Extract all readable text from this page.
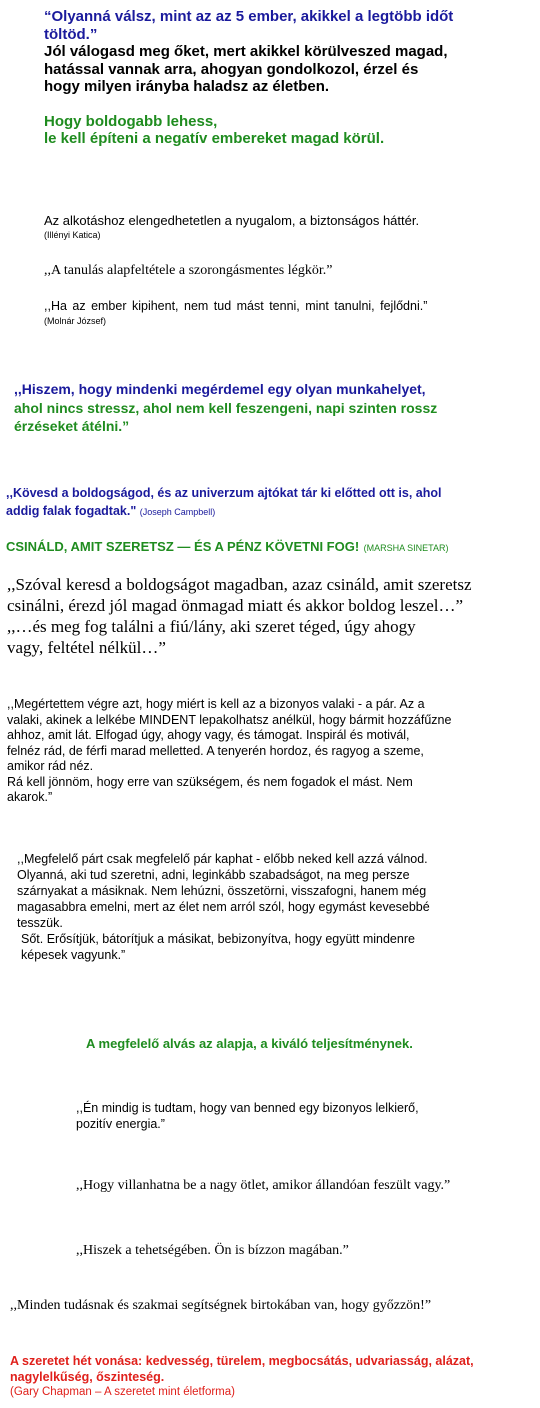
“Olyanná válsz, mint az az 5 ember, akikkel a legtöbb időt
töltöd.”
Jól válogasd meg őket, mert akikkel körülveszed magad,
hatással vannak arra, ahogyan gondolkozol, érzel és
hogy milyen irányba haladsz az életben.
Hogy boldogabb lehess,
le kell építeni a negatív embereket magad körül.
Az alkotáshoz elengedhetetlen a nyugalom, a biztonságos háttér.
(Illényi Katica)
,,A tanulás alapfeltétele a szorongásmentes légkör.”
,,Ha az ember kipihent, nem tud mást tenni, mint tanulni, fejlődni.”
(Molnár József)
,,Hiszem, hogy mindenki megérdemel egy olyan munkahelyet,
ahol nincs stressz, ahol nem kell feszengeni, napi szinten rossz
érzéseket átélni.”
,,Kövesd a boldogságod, és az univerzum ajtókat tár ki előtted ott is, ahol
addig falak fogadtak." (Joseph Campbell)
CSINÁLD, AMIT SZERETSZ — ÉS A PÉNZ KÖVETNI FOG! (MARSHA SINETAR)
,,Szóval keresd a boldogságot magadban, azaz csináld, amit szeretsz
csinálni, érezd jól magad önmagad miatt és akkor boldog leszel…”
,,…és meg fog találni a fiú/lány, aki szeret téged, úgy ahogy
vagy, feltétel nélkül…”
,,Megértettem végre azt, hogy miért is kell az a bizonyos valaki - a pár. Az a
valaki, akinek a lelkébe MINDENT lepakolhatsz anélkül, hogy bármit hozzáfűzne
ahhoz, amit lát. Elfogad úgy, ahogy vagy, és támogat. Inspirál és motivál,
felnéz rád, de férfi marad melletted. A tenyerén hordoz, és ragyog a szeme,
amikor rád néz.
Rá kell jönnöm, hogy erre van szükségem, és nem fogadok el mást. Nem
akarok.”
,,Megfelelő párt csak megfelelő pár kaphat - előbb neked kell azzá válnod.
Olyanná, aki tud szeretni, adni, leginkább szabadságot, na meg persze
szárnyakat a másiknak. Nem lehúzni, összetörni, visszafogni, hanem még
magasabbra emelni, mert az élet nem arról szól, hogy egymást kevesebbé
tesszük.
Sőt. Erősítjük, bátorítjuk a másikat, bebizonyítva, hogy együtt mindenre
képesek vagyunk.”
A megfelelő alvás az alapja, a kiváló teljesítménynek.
,,Én mindig is tudtam, hogy van benned egy bizonyos lelkierő,
pozitív energia.”
,,Hogy villanhatna be a nagy ötlet, amikor állandóan feszült vagy.”
,,Hiszek a tehetségében. Ön is bízzon magában.”
,,Minden tudásnak és szakmai segítségnek birtokában van, hogy győzzön!”
A szeretet hét vonása: kedvesség, türelem, megbocsátás, udvariasság, alázat,
nagylelkűség, őszinteség.
(Gary Chapman – A szeretet mint életforma)
